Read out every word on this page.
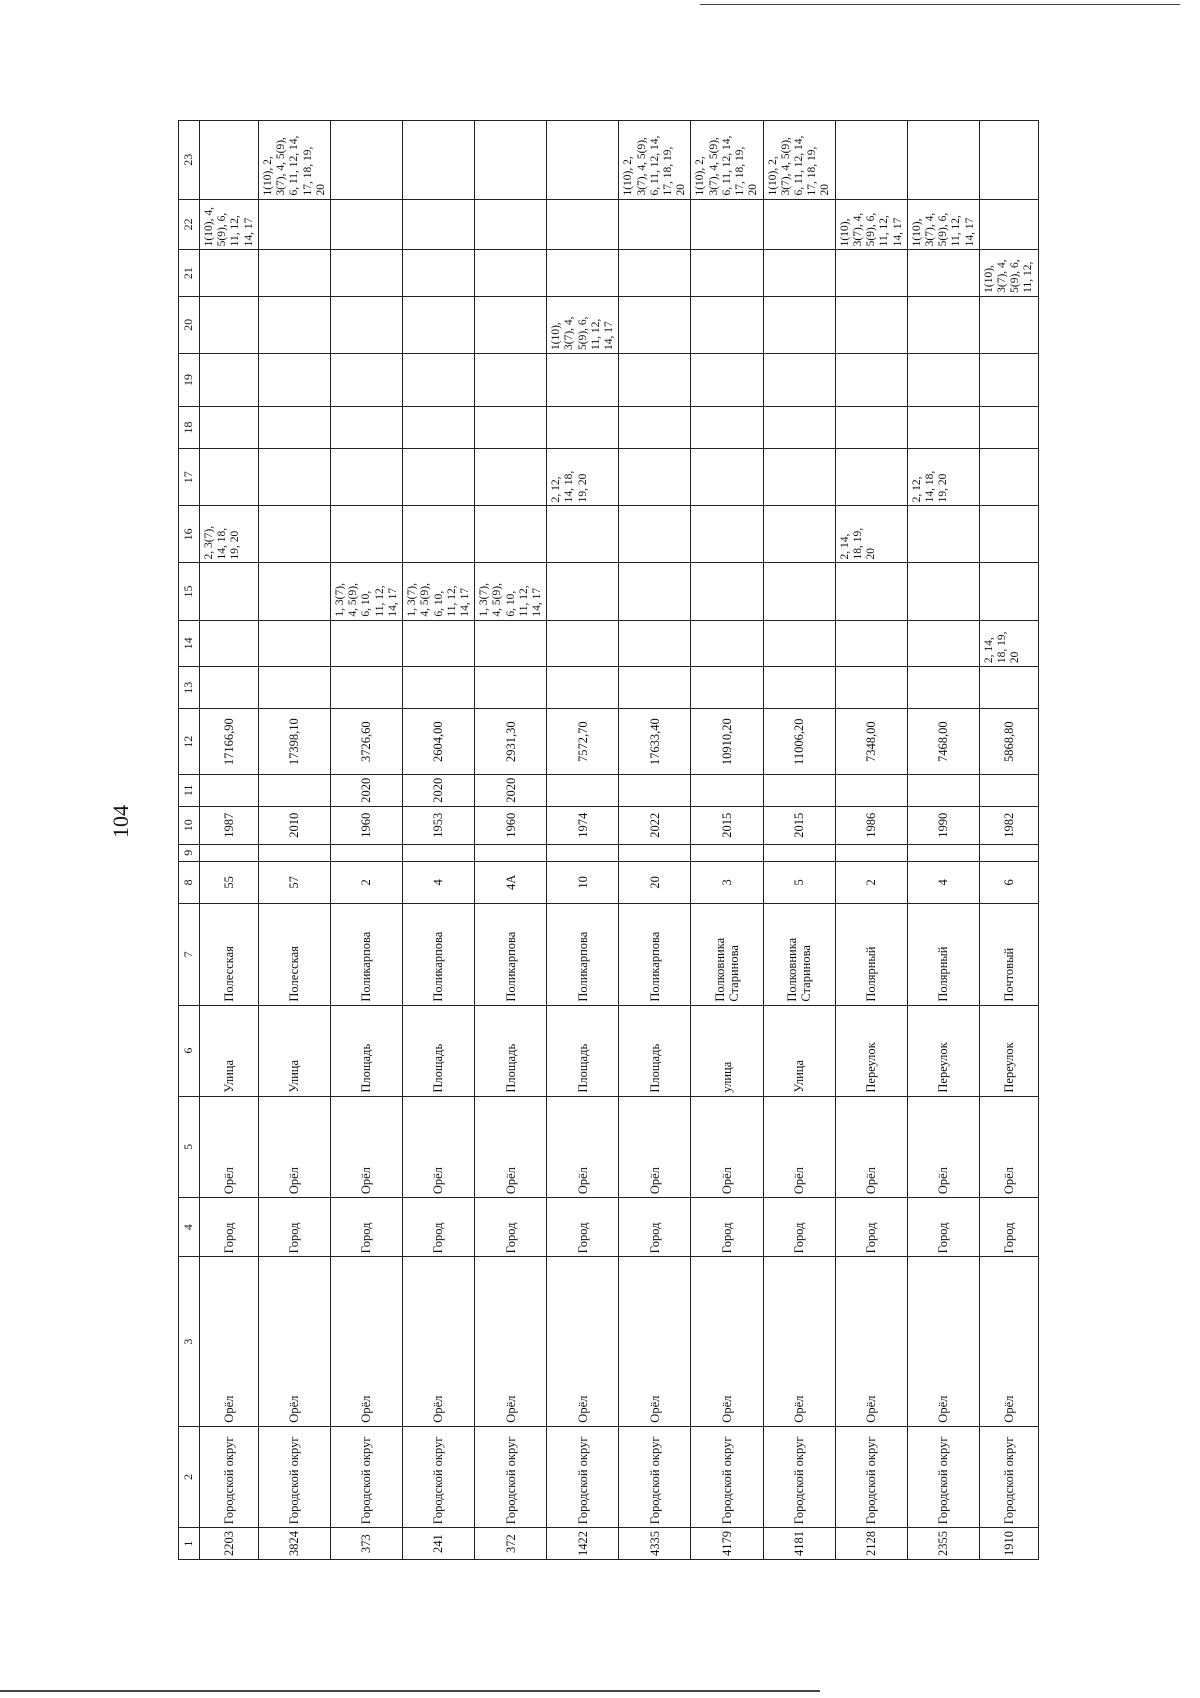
104
1	2	3	4	5	6	7	8	9	10	11	12	13	14	15	16	17	18	19	20	21	22	23
2203	Городской округ	Орёл	Город	Орёл	Улица	Полесская	55		1987		17166,90				2, 3(7),
14, 18,
19, 20						1(10), 4,
5(9), 6,
11, 12,
14, 17	
3824	Городской округ	Орёл	Город	Орёл	Улица	Полесская	57		2010		17398,10											1(10), 2,
3(7), 4, 5(9),
6, 11, 12, 14,
17, 18, 19,
20
373	Городской округ	Орёл	Город	Орёл	Площадь	Поликарпова	2		1960	2020	3726,60			1, 3(7),
4, 5(9),
6, 10,
11, 12,
14, 17								
241	Городской округ	Орёл	Город	Орёл	Площадь	Поликарпова	4		1953	2020	2604,00			1, 3(7),
4, 5(9),
6, 10,
11, 12,
14, 17								
372	Городской округ	Орёл	Город	Орёл	Площадь	Поликарпова	4А		1960	2020	2931,30			1, 3(7),
4, 5(9),
6, 10,
11, 12,
14, 17								
1422	Городской округ	Орёл	Город	Орёл	Площадь	Поликарпова	10		1974		7572,70					2, 12,
14, 18,
19, 20			1(10),
3(7), 4,
5(9), 6,
11, 12,
14, 17			
4335	Городской округ	Орёл	Город	Орёл	Площадь	Поликарпова	20		2022		17633,40											1(10), 2,
3(7), 4, 5(9),
6, 11, 12, 14,
17, 18, 19,
20
4179	Городской округ	Орёл	Город	Орёл	улица	Полковника
Старинова	3		2015		10910,20											1(10), 2,
3(7), 4, 5(9),
6, 11, 12, 14,
17, 18, 19,
20
4181	Городской округ	Орёл	Город	Орёл	Улица	Полковника
Старинова	5		2015		11006,20											1(10), 2,
3(7), 4, 5(9),
6, 11, 12, 14,
17, 18, 19,
20
2128	Городской округ	Орёл	Город	Орёл	Переулок	Полярный	2		1986		7348,00				2, 14,
18, 19,
20						1(10),
3(7), 4,
5(9), 6,
11, 12,
14, 17	
2355	Городской округ	Орёл	Город	Орёл	Переулок	Полярный	4		1990		7468,00					2, 12,
14, 18,
19, 20					1(10),
3(7), 4,
5(9), 6,
11, 12,
14, 17	
1910	Городской округ	Орёл	Город	Орёл	Переулок	Почтовый	6		1982		5868,80		2, 14,
18, 19,
20							1(10),
3(7), 4,
5(9), 6,
11, 12,		
